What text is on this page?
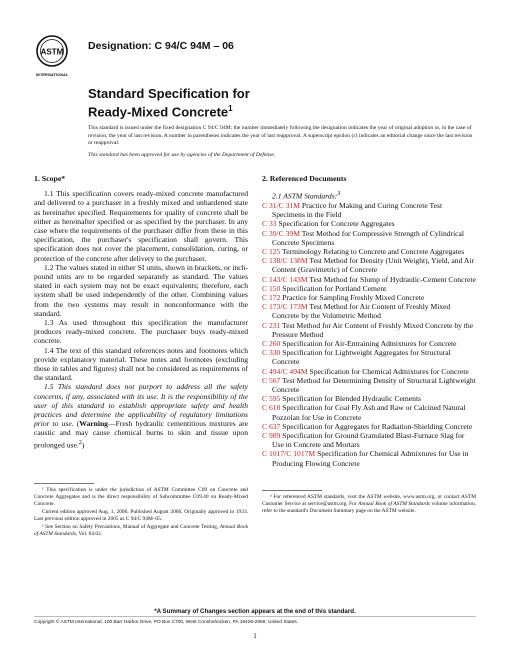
ASTM
INTERNATIONAL
Designation: C 94/C 94M – 06
Standard Specification for
Ready-Mixed Concrete$^1$

This standard is issued under the fixed designation C 94/C 94M; the number immediately following the designation indicates the year of original adoption or, in the case of revision, the year of last revision. A number in parentheses indicates the year of last reapproval. A superscript epsilon (ε) indicates an editorial change since the last revision or reapproval.

This standard has been approved for use by agencies of the Department of Defense.

1. Scope*

1.1 This specification covers ready-mixed concrete manufactured and delivered to a purchaser in a freshly mixed and unhardened state as hereinafter specified. Requirements for quality of concrete shall be either as hereinafter specified or as specified by the purchaser. In any case where the requirements of the purchaser differ from these in this specification, the purchaser's specification shall govern. This specification does not cover the placement, consolidation, curing, or protection of the concrete after delivery to the purchaser.

1.2 The values stated in either SI units, shown in brackets, or inch-pound units are to be regarded separately as standard. The values stated in each system may not be exact equivalents; therefore, each system shall be used independently of the other. Combining values from the two systems may result in nonconformance with the standard.

1.3 As used throughout this specification the manufacturer produces ready-mixed concrete. The purchaser buys ready-mixed concrete.

1.4 The text of this standard references notes and footnotes which provide explanatory material. These notes and footnotes (excluding those in tables and figures) shall not be considered as requirements of the standard.

1.5 This standard does not purport to address all the safety concerns, if any, associated with its use. It is the responsibility of the user of this standard to establish appropriate safety and health practices and determine the applicability of regulatory limitations prior to use. (Warning—Fresh hydraulic cementitious mixtures are caustic and may cause chemical burns to skin and tissue upon prolonged use.$^2$)

¹ This specification is under the jurisdiction of ASTM Committee C09 on Concrete and Concrete Aggregates and is the direct responsibility of Subcommittee C09.40 on Ready-Mixed Concrete.

Current edition approved Aug. 1, 2006. Published August 2006. Originally approved in 1933. Last previous edition approved in 2005 as C 94/C 94M–05.

² See Section on Safety Precautions, Manual of Aggregate and Concrete Testing, Annual Book of ASTM Standards, Vol. 04.02.

2. Referenced Documents

2.1 ASTM Standards:$^3$

C 31/C 31M Practice for Making and Curing Concrete Test Specimens in the Field

C 33 Specification for Concrete Aggregates

C 39/C 39M Test Method for Compressive Strength of Cylindrical Concrete Specimens

C 125 Terminology Relating to Concrete and Concrete Aggregates

C 138/C 138M Test Method for Density (Unit Weight), Yield, and Air Content (Gravimetric) of Concrete

C 143/C 143M Test Method for Slump of Hydraulic-Cement Concrete

C 150 Specification for Portland Cement

C 172 Practice for Sampling Freshly Mixed Concrete

C 173/C 173M Test Method for Air Content of Freshly Mixed Concrete by the Volumetric Method

C 231 Test Method for Air Content of Freshly Mixed Concrete by the Pressure Method

C 260 Specification for Air-Entraining Admixtures for Concrete

C 330 Specification for Lightweight Aggregates for Structural Concrete

C 494/C 494M Specification for Chemical Admixtures for Concrete

C 567 Test Method for Determining Density of Structural Lightweight Concrete

C 595 Specification for Blended Hydraulic Cements

C 618 Specification for Coal Fly Ash and Raw or Calcined Natural Pozzolan for Use in Concrete

C 637 Specification for Aggregates for Radiation-Shielding Concrete

C 989 Specification for Ground Granulated Blast-Furnace Slag for Use in Concrete and Mortars

C 1017/C 1017M Specification for Chemical Admixtures for Use in Producing Flowing Concrete

³ For referenced ASTM standards, visit the ASTM website, www.astm.org, or contact ASTM Customer Service at service@astm.org. For Annual Book of ASTM Standards volume information, refer to the standard's Document Summary page on the ASTM website.

*A Summary of Changes section appears at the end of this standard.
Copyright © ASTM International, 100 Barr Harbor Drive, PO Box C700, West Conshohocken, PA 19428-2959, United States.
1
